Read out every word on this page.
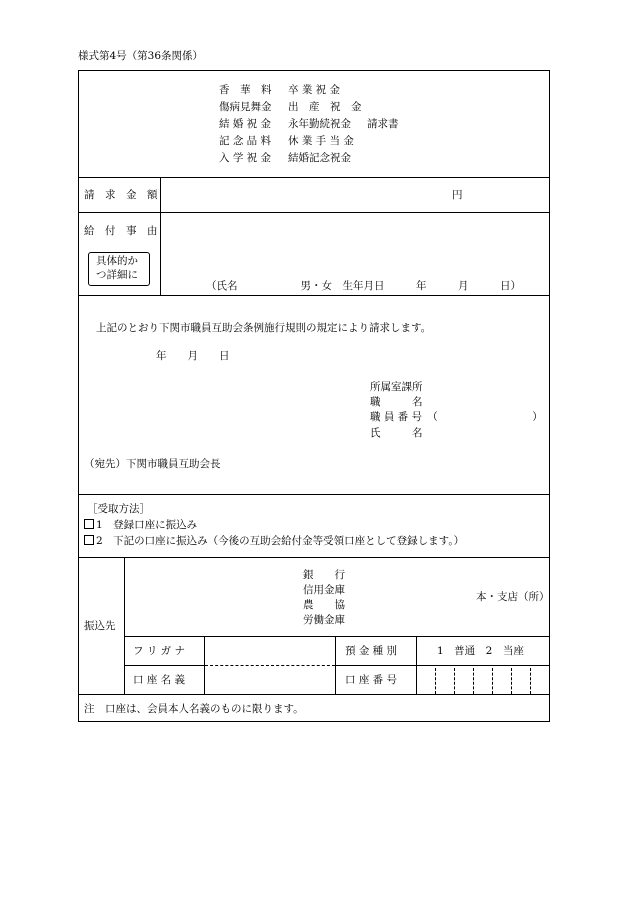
様式第4号（第36条関係）
香　華　料 卒 業 祝 金
傷病見舞金 出　産　祝　金
結 婚 祝 金 永年勤続祝金 請求書
記 念 品 料 休 業 手 当 金
入 学 祝 金 結婚記念祝金
請　求　金　額	円
給　付　事　由
具体的か
つ詳細に
（氏名　　　　　　男・女　生年月日　　　年　　　月　　　日）
上記のとおり下関市職員互助会条例施行規則の規定により請求します。
年　　月　　日
所属室課所
職　　　名
職 員 番 号　（　　　　　　　　　）
氏　　　名
（宛先）下関市職員互助会長
［受取方法］
1　登録口座に振込み
2　下記の口座に振込み（今後の互助会給付金等受領口座として登録します。）
振込先
銀　　行
信用金庫
農　　協
労働金庫
本・支店（所）
フ リ ガ ナ
口 座 名 義
預 金 種 別	1　普通　2　当座
口 座 番 号
注　口座は、会員本人名義のものに限ります。
